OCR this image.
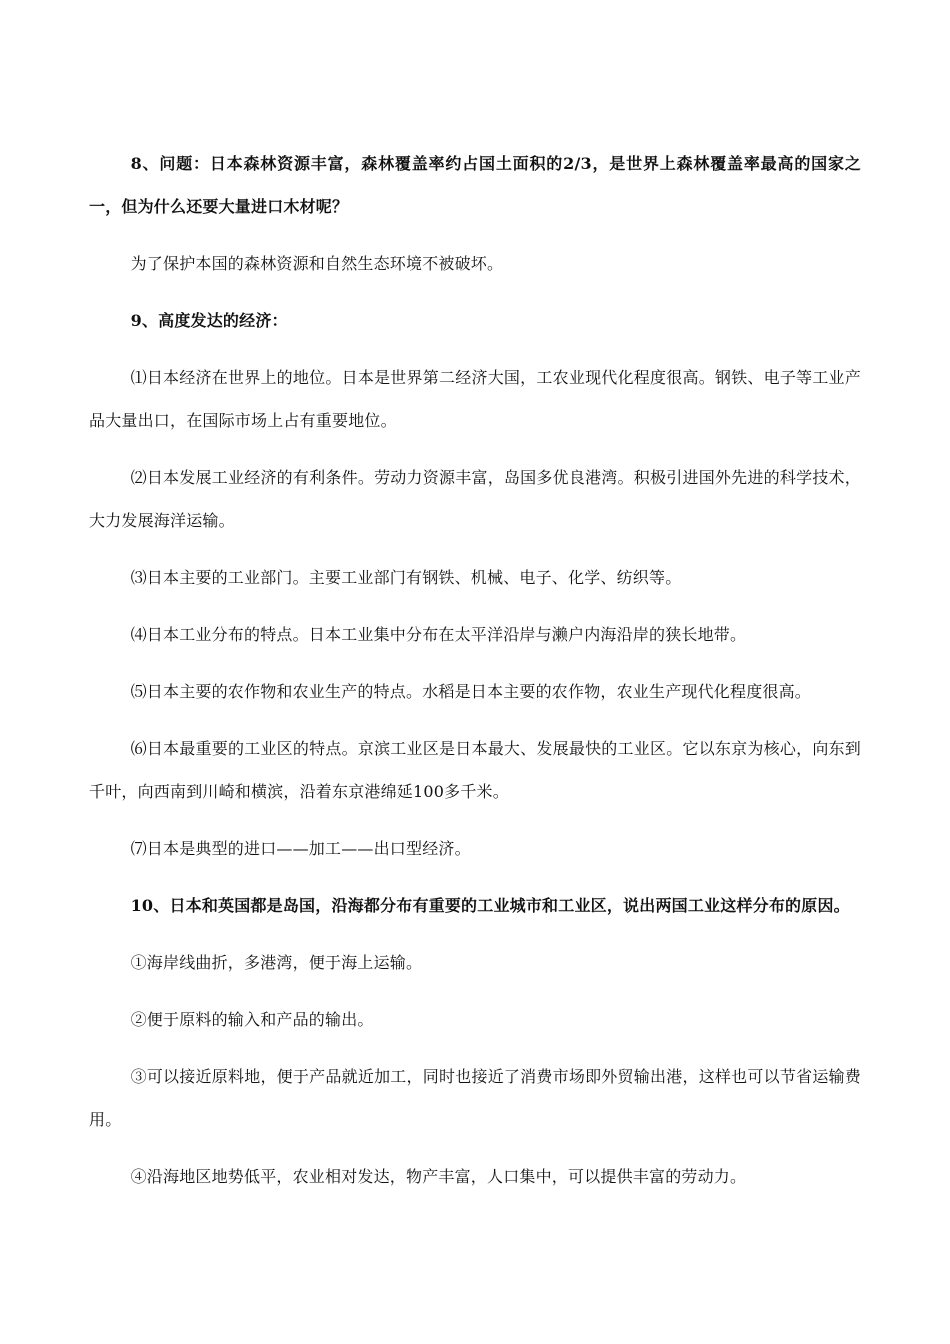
8、问题：日本森林资源丰富，森林覆盖率约占国土面积的2/3，是世界上森林覆盖率最高的国家之一，但为什么还要大量进口木材呢？

为了保护本国的森林资源和自然生态环境不被破坏。

9、高度发达的经济：

⑴日本经济在世界上的地位。日本是世界第二经济大国，工农业现代化程度很高。钢铁、电子等工业产品大量出口，在国际市场上占有重要地位。

⑵日本发展工业经济的有利条件。劳动力资源丰富，岛国多优良港湾。积极引进国外先进的科学技术，大力发展海洋运输。

⑶日本主要的工业部门。主要工业部门有钢铁、机械、电子、化学、纺织等。

⑷日本工业分布的特点。日本工业集中分布在太平洋沿岸与濑户内海沿岸的狭长地带。

⑸日本主要的农作物和农业生产的特点。水稻是日本主要的农作物，农业生产现代化程度很高。

⑹日本最重要的工业区的特点。京滨工业区是日本最大、发展最快的工业区。它以东京为核心，向东到千叶，向西南到川崎和横滨，沿着东京港绵延100多千米。

⑺日本是典型的进口——加工——出口型经济。

10、日本和英国都是岛国，沿海都分布有重要的工业城市和工业区，说出两国工业这样分布的原因。

①海岸线曲折，多港湾，便于海上运输。

②便于原料的输入和产品的输出。

③可以接近原料地，便于产品就近加工，同时也接近了消费市场即外贸输出港，这样也可以节省运输费用。

④沿海地区地势低平，农业相对发达，物产丰富，人口集中，可以提供丰富的劳动力。
